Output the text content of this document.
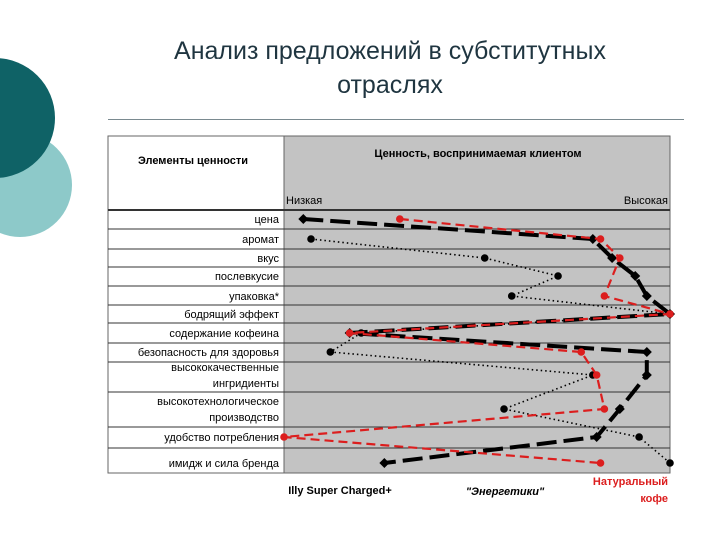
Анализ предложений в субститутных
отраслях
Элементы ценности
Ценность, воспринимаемая клиентом
Низкая	Высокая
цена
аромат
вкус
послевкусие
упаковка*
бодрящий эффект
содержание кофеина
безопасность для здоровья
высококачественные
ингридиенты
высокотехнологическое
производство
удобство потребления
имидж и сила бренда
Illy Super Charged+	"Энергетики"
Натуральный
кофе
